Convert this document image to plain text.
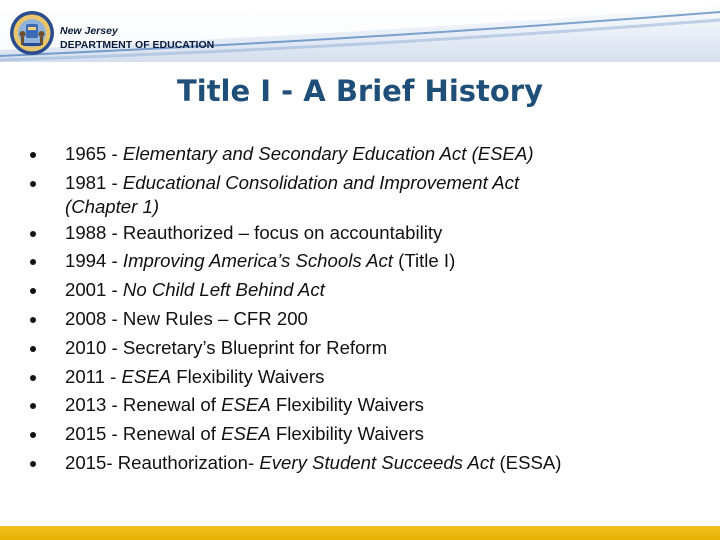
New Jersey
DEPARTMENT OF EDUCATION
Title I - A Brief History
1965 - Elementary and Secondary Education Act (ESEA)
1981 - Educational Consolidation and Improvement Act
(Chapter 1)
1988 - Reauthorized – focus on accountability
1994 - Improving America’s Schools Act (Title I)
2001 - No Child Left Behind Act
2008 - New Rules – CFR 200
2010 - Secretary’s Blueprint for Reform
2011 - ESEA Flexibility Waivers
2013 - Renewal of ESEA Flexibility Waivers
2015 - Renewal of ESEA Flexibility Waivers
2015- Reauthorization- Every Student Succeeds Act (ESSA)
